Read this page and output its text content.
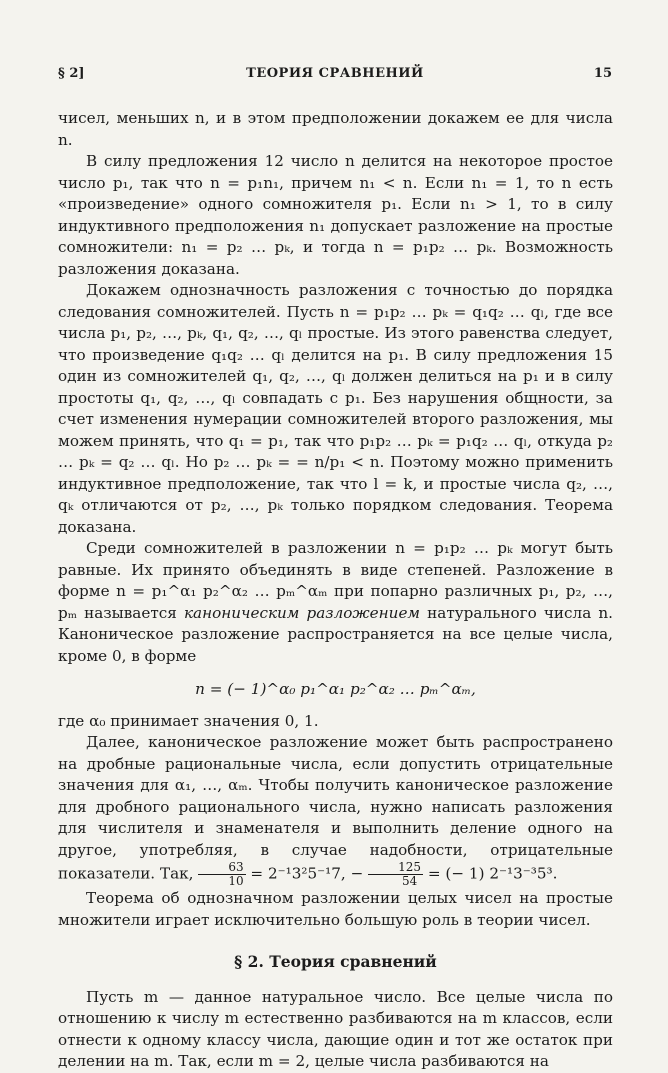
§ 2]	ТЕОРИЯ СРАВНЕНИЙ	15

чисел, меньших n, и в этом предположении докажем ее для числа n.

В силу предложения 12 число n делится на некоторое простое число p₁, так что n = p₁n₁, причем n₁ < n. Если n₁ = 1, то n есть «произведение» одного сомножителя p₁. Если n₁ > 1, то в силу индуктивного предположения n₁ допускает разложение на простые сомножители: n₁ = p₂ … pₖ, и тогда n = p₁p₂ … pₖ. Возможность разложения доказана.

Докажем однозначность разложения с точностью до порядка следования сомножителей. Пусть n = p₁p₂ … pₖ = q₁q₂ … qₗ, где все числа p₁, p₂, …, pₖ, q₁, q₂, …, qₗ простые. Из этого равенства следует, что произведение q₁q₂ … qₗ делится на p₁. В силу предложения 15 один из сомножителей q₁, q₂, …, qₗ должен делиться на p₁ и в силу простоты q₁, q₂, …, qₗ совпадать с p₁. Без нарушения общности, за счет изменения нумерации сомножителей второго разложения, мы можем принять, что q₁ = p₁, так что p₁p₂ … pₖ = p₁q₂ … qₗ, откуда p₂ … pₖ = q₂ … qₗ. Но p₂ … pₖ = = n/p₁ < n. Поэтому можно применить индуктивное предположение, так что l = k, и простые числа q₂, …, qₖ отличаются от p₂, …, pₖ только порядком следования. Теорема доказана.

Среди сомножителей в разложении n = p₁p₂ … pₖ могут быть равные. Их принято объединять в виде степеней. Разложение в форме n = p₁^α₁ p₂^α₂ … pₘ^αₘ при попарно различных p₁, p₂, …, pₘ называется каноническим разложением натурального числа n. Каноническое разложение распространяется на все целые числа, кроме 0, в форме

n = (− 1)^α₀ p₁^α₁ p₂^α₂ … pₘ^αₘ,

где α₀ принимает значения 0, 1.

Далее, каноническое разложение может быть распространено на дробные рациональные числа, если допустить отрицательные значения для α₁, …, αₘ. Чтобы получить каноническое разложение для дробного рационального числа, нужно написать разложения для числителя и знаменателя и выполнить деление одного на другое, употребляя, в случае надобности, отрицательные показатели. Так, $\frac{63}{10} = 2^{-1}3^25^{-1}7$, − $\frac{125}{54}$ = (− 1) 2⁻¹3⁻³5³.

Теорема об однозначном разложении целых чисел на простые множители играет исключительно большую роль в теории чисел.

§ 2. Теория сравнений

Пусть m — данное натуральное число. Все целые числа по отношению к числу m естественно разбиваются на m классов, если отнести к одному классу числа, дающие один и тот же остаток при делении на m. Так, если m = 2, целые числа разбиваются на
